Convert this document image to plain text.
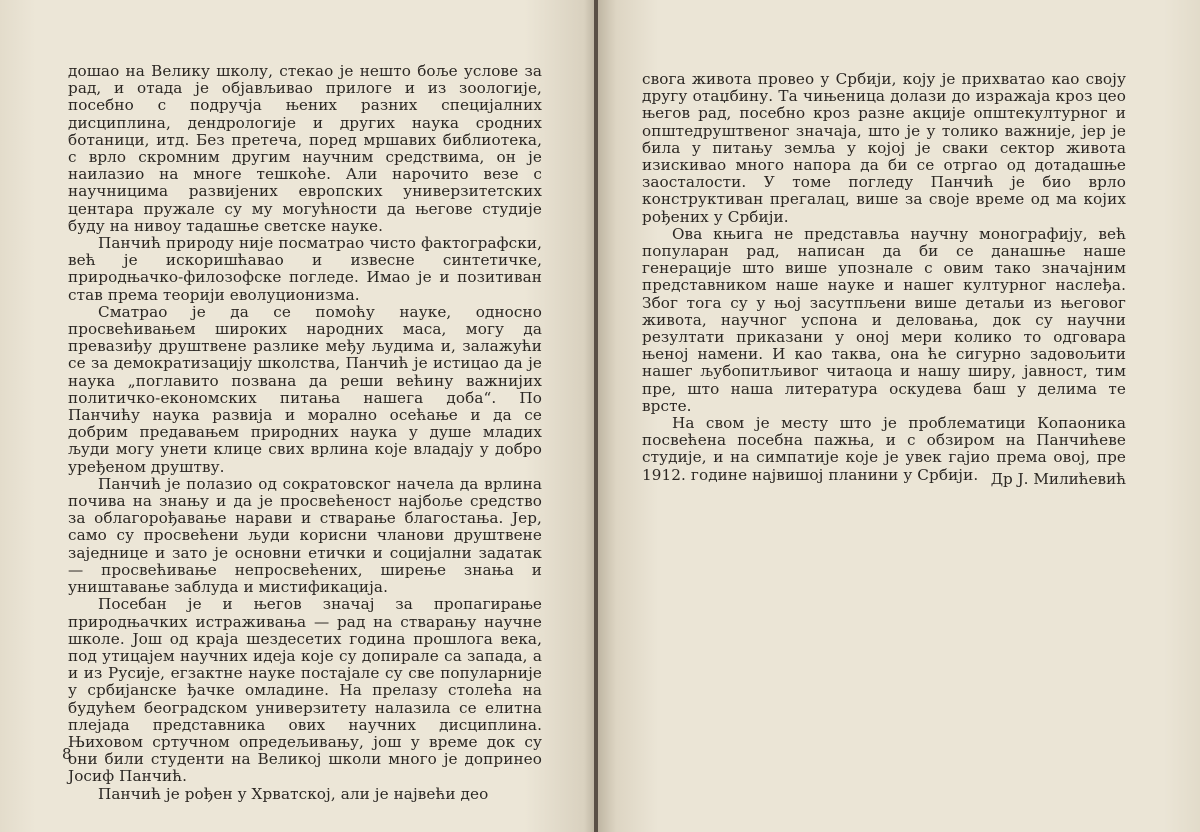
дошао на Велику школу, стекао је нешто боље услове за рад, и отада је објављивао прилоге и из зоологије, посебно с подручја њених разних специјалних дисциплина, дендрологије и других наука сродних ботаници, итд. Без претеча, поред мршавих библиотека, с врло скромним другим научним средствима, он је наилазио на многе тешкоће. Али нарочито везе с научницима развијених европских универзитетских центара пружале су му могућности да његове студије буду на нивоу тадашње светске науке.

Панчић природу није посматрао чисто фактографски, већ је искоришћавао и извесне синтетичке, природњачко-филозофске погледе. Имао је и позитиван став према теорији еволуционизма.

Сматрао је да се помоћу науке, односно просвећивањем широких народних маса, могу да превазиђу друштвене разлике међу људима и, залажући се за демократизацију школства, Панчић је истицао да је наука „поглавито позвана да реши већину важнијих политичко-економских питања нашега доба“. По Панчићу наука развија и морално осећање и да се добрим предавањем природних наука у душе младих људи могу унети клице свих врлина које владају у добро уређеном друштву.

Панчић је полазио од сократовског начела да врлина почива на знању и да је просвећеност најбоље средство за облагорођавање нарави и стварање благостања. Јер, само су просвећени људи корисни чланови друштвене заједнице и зато је основни етички и социјални задатак — просвећивање непросвећених, ширење знања и уништавање заблуда и мистификација.

Посебан је и његов значај за пропагирање природњачких истраживања — рад на стварању научне школе. Још од краја шездесетих година прошлога века, под утицајем научних идеја које су допирале са запада, а и из Русије, егзактне науке постајале су све популарније у србијанске ђачке омладине. На прелазу столећа на будућем београдском универзитету налазила се елитна плејада представника ових научних дисциплина. Њиховом сртучном опредељивању, још у време док су они били студенти на Великој школи много је допринео Јосиф Панчић.

Панчић је рођен у Хрватској, али је највећи део

8

свога живота провео у Србији, коју је прихватао као своју другу отаџбину. Та чињеница долази до изражаја кроз цео његов рад, посебно кроз разне акције општекултурног и општедруштвеног значаја, што је у толико важније, јер је била у питању земља у којој је сваки сектор живота изискивао много напора да би се отргао од дотадашње заосталости. У томе погледу Панчић је био врло конструктиван прегалац, више за своје време од ма којих рођених у Србији.

Ова књига не представља научну монографију, већ популаран рад, написан да би се данашње наше генерације што више упознале с овим тако значајним представником наше науке и нашег културног наслеђа. Због тога су у њој засутпљени више детаљи из његовог живота, научног успона и деловања, док су научни резултати приказани у оној мери колико то одговара њеној намени. И као таква, она ће сигурно задовољити нашег љубопитљивог читаоца и нашу ширу, јавност, тим пре, што наша литература оскудева баш у делима те врсте.

На свом је месту што је проблематици Копаоника посвећена посебна пажња, и с обзиром на Панчићеве студије, и на симпатије које је увек гајио према овој, пре 1912. године највишој планини у Србији. Др Ј. Милићевић
